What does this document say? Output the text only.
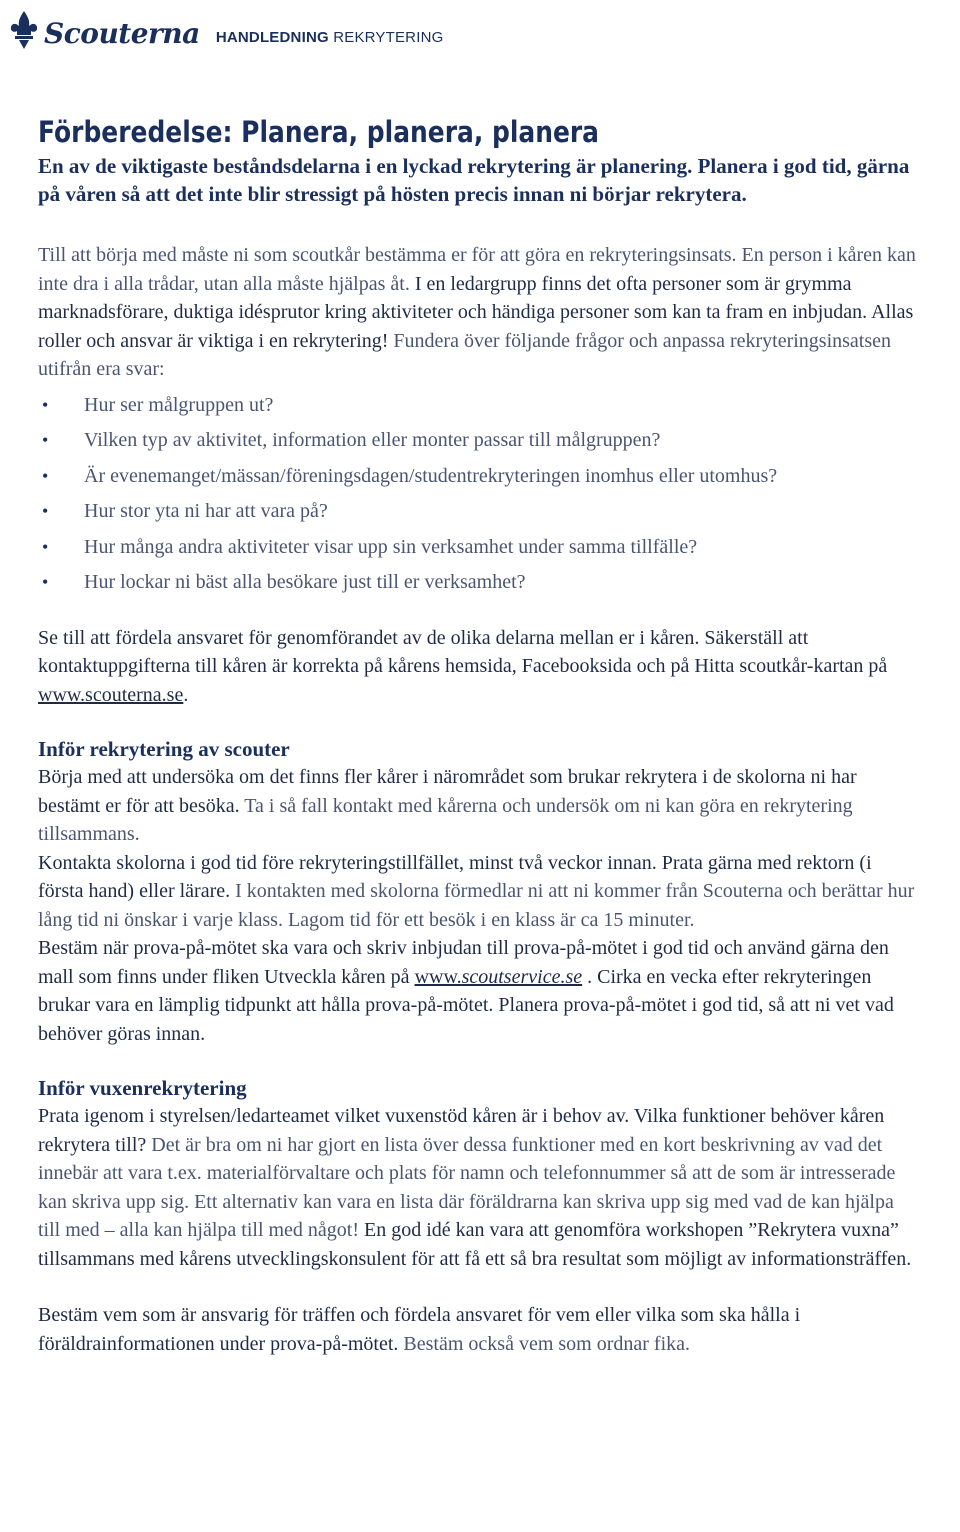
Scouterna HANDLEDNING REKRYTERING
Förberedelse: Planera, planera, planera

En av de viktigaste beståndsdelarna i en lyckad rekrytering är planering. Planera i god tid, gärna på våren så att det inte blir stressigt på hösten precis innan ni börjar rekrytera.

Till att börja med måste ni som scoutkår bestämma er för att göra en rekryteringsinsats. En person i kåren kan inte dra i alla trådar, utan alla måste hjälpas åt. I en ledargrupp finns det ofta personer som är grymma marknadsförare, duktiga idésprutor kring aktiviteter och händiga personer som kan ta fram en inbjudan. Allas roller och ansvar är viktiga i en rekrytering! Fundera över följande frågor och anpassa rekryteringsinsatsen utifrån era svar:

• Hur ser målgruppen ut?
• Vilken typ av aktivitet, information eller monter passar till målgruppen?
• Är evenemanget/mässan/föreningsdagen/studentrekryteringen inomhus eller utomhus?
• Hur stor yta ni har att vara på?
• Hur många andra aktiviteter visar upp sin verksamhet under samma tillfälle?
• Hur lockar ni bäst alla besökare just till er verksamhet?

Se till att fördela ansvaret för genomförandet av de olika delarna mellan er i kåren. Säkerställ att kontaktuppgifterna till kåren är korrekta på kårens hemsida, Facebooksida och på Hitta scoutkår-kartan på www.scouterna.se.

Inför rekrytering av scouter

Börja med att undersöka om det finns fler kårer i närområdet som brukar rekrytera i de skolorna ni har bestämt er för att besöka. Ta i så fall kontakt med kårerna och undersök om ni kan göra en rekrytering tillsammans.

Kontakta skolorna i god tid före rekryteringstillfället, minst två veckor innan. Prata gärna med rektorn (i första hand) eller lärare. I kontakten med skolorna förmedlar ni att ni kommer från Scouterna och berättar hur lång tid ni önskar i varje klass. Lagom tid för ett besök i en klass är ca 15 minuter.

Bestäm när prova-på-mötet ska vara och skriv inbjudan till prova-på-mötet i god tid och använd gärna den mall som finns under fliken Utveckla kåren på www.scoutservice.se . Cirka en vecka efter rekryteringen brukar vara en lämplig tidpunkt att hålla prova-på-mötet. Planera prova-på-mötet i god tid, så att ni vet vad behöver göras innan.

Inför vuxenrekrytering

Prata igenom i styrelsen/ledarteamet vilket vuxenstöd kåren är i behov av. Vilka funktioner behöver kåren rekrytera till? Det är bra om ni har gjort en lista över dessa funktioner med en kort beskrivning av vad det innebär att vara t.ex. materialförvaltare och plats för namn och telefonnummer så att de som är intresserade kan skriva upp sig. Ett alternativ kan vara en lista där föräldrarna kan skriva upp sig med vad de kan hjälpa till med – alla kan hjälpa till med något! En god idé kan vara att genomföra workshopen ”Rekrytera vuxna” tillsammans med kårens utvecklingskonsulent för att få ett så bra resultat som möjligt av informationsträffen.

Bestäm vem som är ansvarig för träffen och fördela ansvaret för vem eller vilka som ska hålla i föräldrainformationen under prova-på-mötet. Bestäm också vem som ordnar fika.
